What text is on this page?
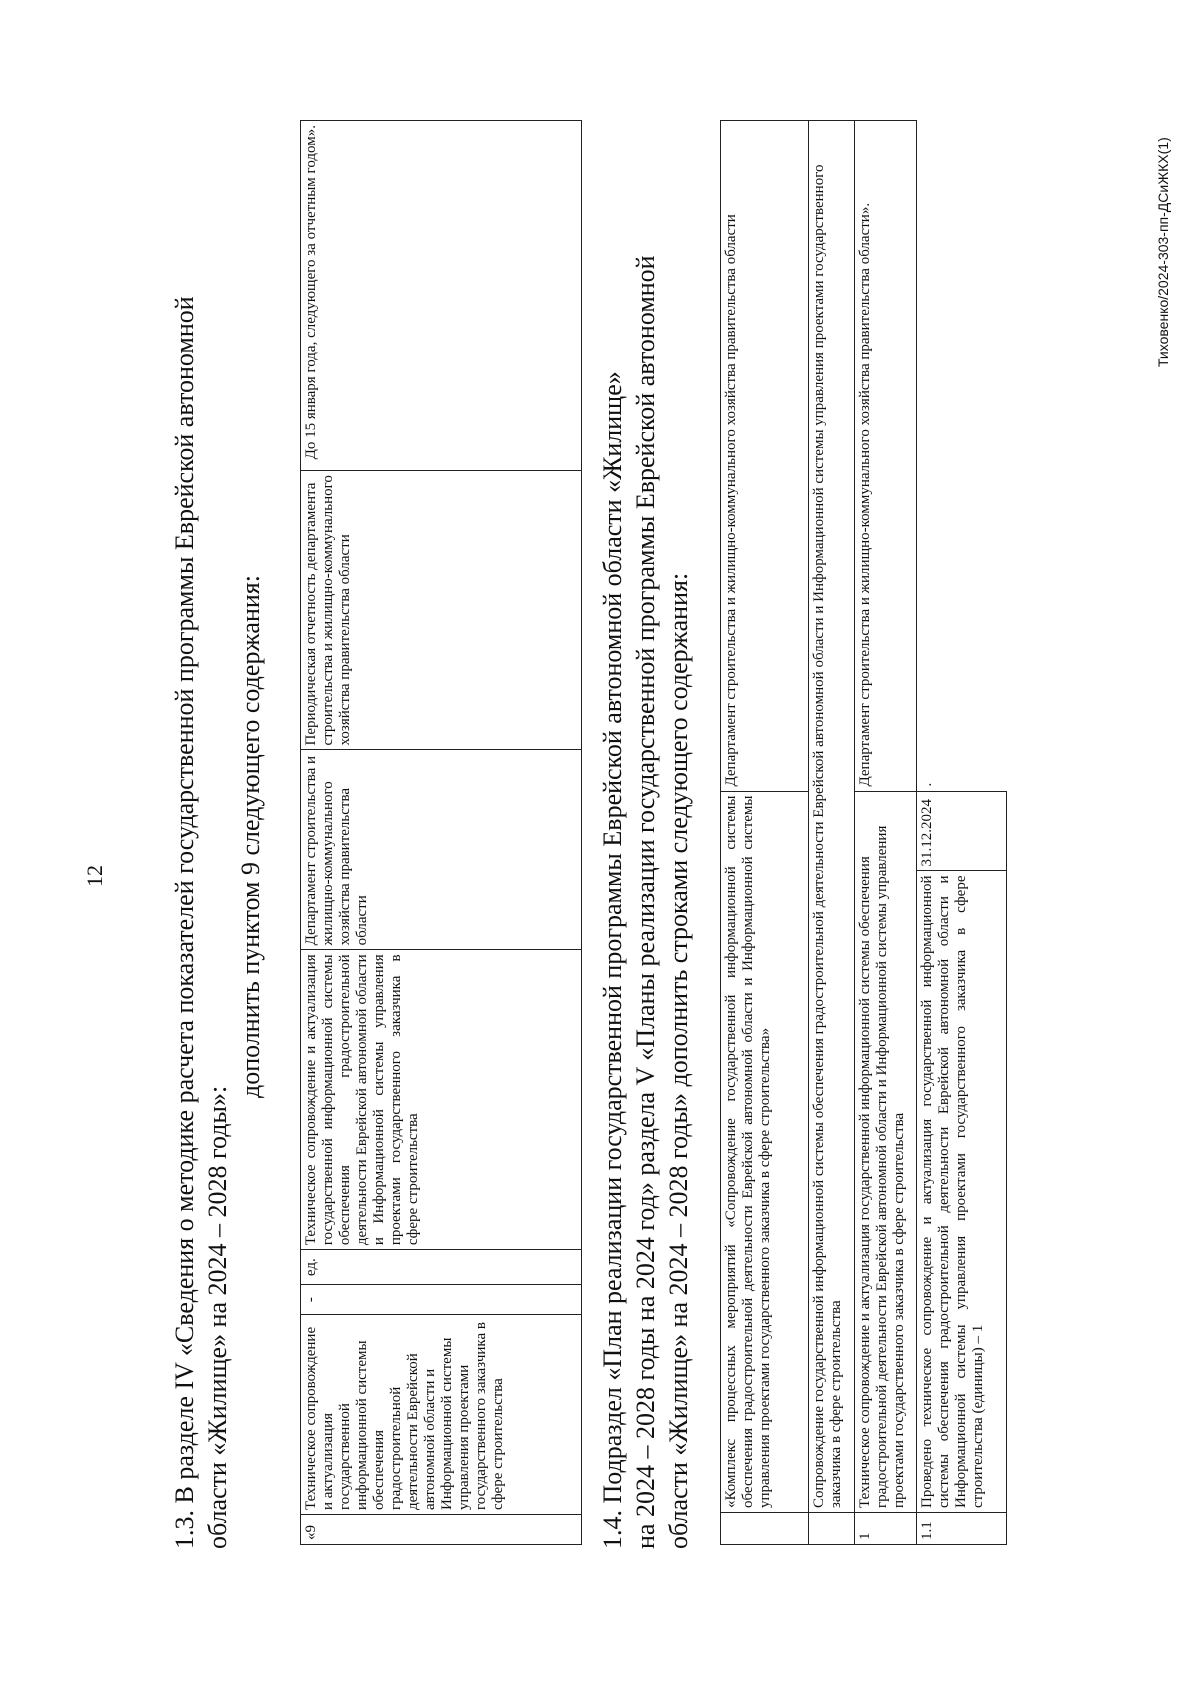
12 1.3. В разделе IV «Сведения о методике расчета показателей государственной программы Еврейской автономной области «Жилище» на 2024 – 2028 годы»:
дополнить пунктом 9 следующего содержания:

«9	Техническое сопровождение и актуализация государственной информационной системы обеспечения градостроительной деятельности Еврейской автономной области и Информационной системы управления проектами государственного заказчика в сфере строительства	-	ед.	Техническое сопровождение и актуализация государственной информационной системы обеспечения градостроительной деятельности Еврейской автономной области и Информационной системы управления проектами государственного заказчика в сфере строительства	Департамент строительства и жилищно-коммунального хозяйства правительства области	Периодическая отчетность департамента строительства и жилищно-коммунального хозяйства правительства области	До 15 января года, следующего за отчетным годом».

1.4. Подраздел «План реализации государственной программы Еврейской автономной области «Жилище» на 2024 – 2028 годы на 2024 год» раздела V «Планы реализации государственной программы Еврейской автономной области «Жилище» на 2024 – 2028 годы» дополнить строками следующего содержания:

	«Комплекс процессных мероприятий «Сопровождение государственной информационной системы обеспечения градостроительной деятельности Еврейской автономной области и Информационной системы управления проектами государственного заказчика в сфере строительства»		Департамент строительства и жилищно-коммунального хозяйства правительства области
	Сопровождение государственной информационной системы обеспечения градостроительной деятельности Еврейской автономной области и Информационной системы управления проектами государственного заказчика в сфере строительства		
1	Техническое сопровождение и актуализация государственной информационной системы обеспечения градостроительной деятельности Еврейской автономной области и Информационной системы управления проектами государственного заказчика в сфере строительства		Департамент строительства и жилищно-коммунального хозяйства правительства области».
1.1	Проведено техническое сопровождение и актуализация государственной информационной системы обеспечения градостроительной деятельности Еврейской автономной области и Информационной системы управления проектами государственного заказчика в сфере строительства (единицы) – 1	31.12.2024	.

Тиховенко/2024-303-пп-ДСиЖКХ(1)
